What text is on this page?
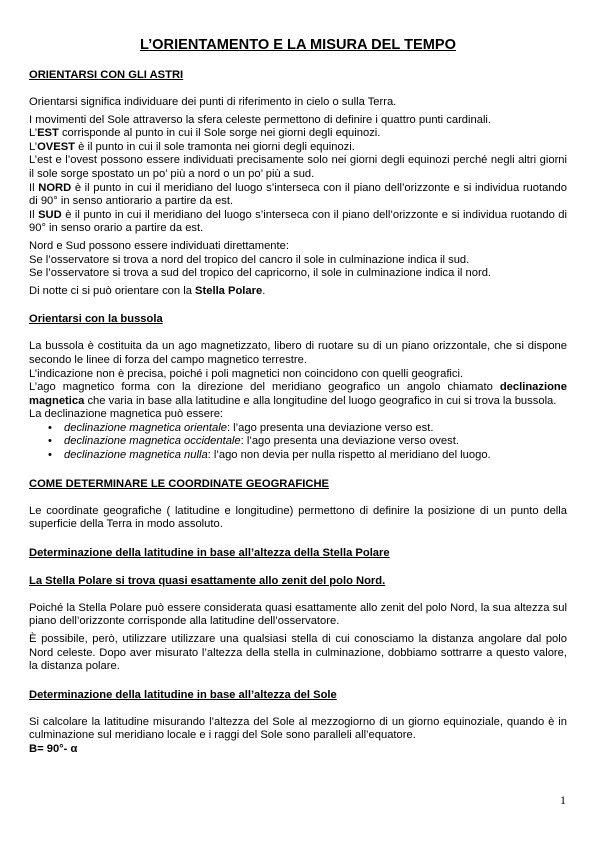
L’ORIENTAMENTO E LA MISURA DEL TEMPO
ORIENTARSI CON GLI ASTRI

Orientarsi significa individuare dei punti di riferimento in cielo o sulla Terra.

I movimenti del Sole attraverso la sfera celeste permettono di definire i quattro punti cardinali.

L’EST corrisponde al punto in cui il Sole sorge nei giorni degli equinozi.

L’OVEST è il punto in cui il sole tramonta nei giorni degli equinozi.

L’est e l’ovest possono essere individuati precisamente solo nei giorni degli equinozi perché negli altri giorni il sole sorge spostato un po’ più a nord o un po’ più a sud.

Il NORD è il punto in cui il meridiano del luogo s’interseca con il piano dell’orizzonte e si individua ruotando di 90° in senso antiorario a partire da est.

Il SUD è il punto in cui il meridiano del luogo s’interseca con il piano dell’orizzonte e si individua ruotando di 90° in senso orario a partire da est.

Nord e Sud possono essere individuati direttamente:

Se l’osservatore si trova a nord del tropico del cancro il sole in culminazione indica il sud.

Se l’osservatore si trova a sud del tropico del capricorno, il sole in culminazione indica il nord.

Di notte ci si può orientare con la Stella Polare.

Orientarsi con la bussola

La bussola è costituita da un ago magnetizzato, libero di ruotare su di un piano orizzontale, che si dispone secondo le linee di forza del campo magnetico terrestre.

L’indicazione non è precisa, poiché i poli magnetici non coincidono con quelli geografici.

L’ago magnetico forma con la direzione del meridiano geografico un angolo chiamato declinazione magnetica che varia in base alla latitudine e alla longitudine del luogo geografico in cui si trova la bussola.

La declinazione magnetica può essere:

• declinazione magnetica orientale: l’ago presenta una deviazione verso est.
• declinazione magnetica occidentale: l’ago presenta una deviazione verso ovest.
• declinazione magnetica nulla: l’ago non devia per nulla rispetto al meridiano del luogo.
COME DETERMINARE LE COORDINATE GEOGRAFICHE

Le coordinate geografiche ( latitudine e longitudine) permettono di definire la posizione di un punto della superficie della Terra in modo assoluto.

Determinazione della latitudine in base all’altezza della Stella Polare
La Stella Polare si trova quasi esattamente allo zenit del polo Nord.

Poiché la Stella Polare può essere considerata quasi esattamente allo zenit del polo Nord, la sua altezza sul piano dell’orizzonte corrisponde alla latitudine dell’osservatore.

È possibile, però, utilizzare utilizzare una qualsiasi stella di cui conosciamo la distanza angolare dal polo Nord celeste. Dopo aver misurato l’altezza della stella in culminazione, dobbiamo sottrarre a questo valore, la distanza polare.

Determinazione della latitudine in base all’altezza del Sole

Si calcolare la latitudine misurando l’altezza del Sole al mezzogiorno di un giorno equinoziale, quando è in culminazione sul meridiano locale e i raggi del Sole sono paralleli all’equatore.

B= 90°- α

1
